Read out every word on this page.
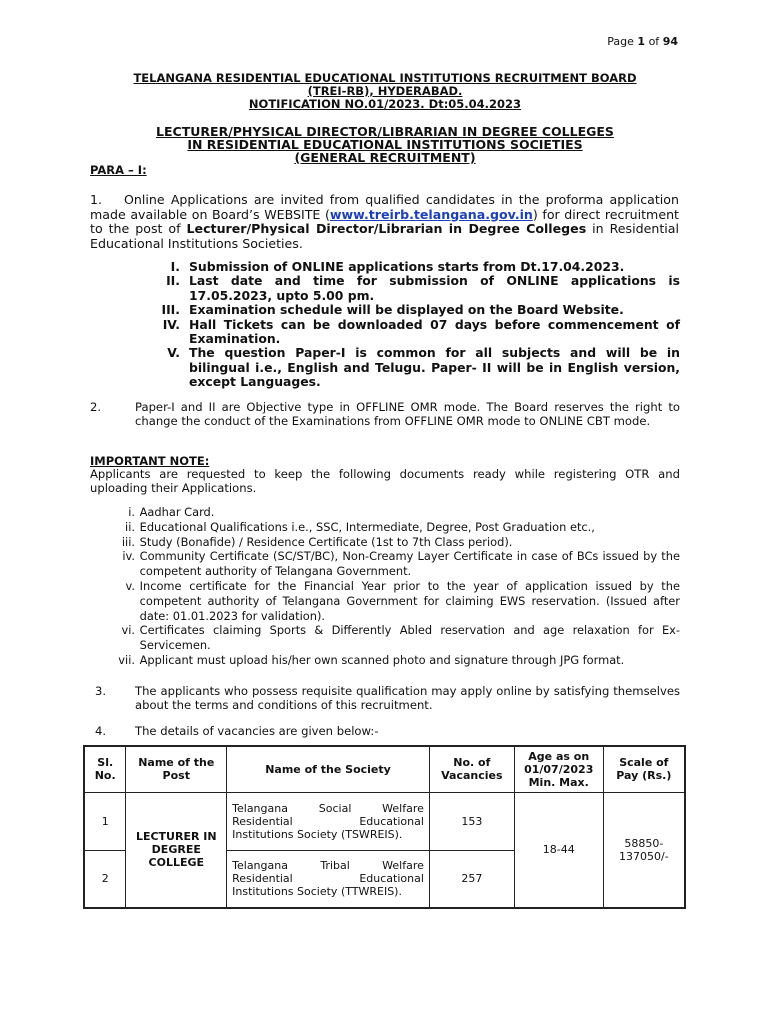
Page 1 of 94
TELANGANA RESIDENTIAL EDUCATIONAL INSTITUTIONS RECRUITMENT BOARD
(TREI-RB), HYDERABAD.
NOTIFICATION NO.01/2023. Dt:05.04.2023
LECTURER/PHYSICAL DIRECTOR/LIBRARIAN IN DEGREE COLLEGES
IN RESIDENTIAL EDUCATIONAL INSTITUTIONS SOCIETIES
(GENERAL RECRUITMENT)
PARA – I:
1. Online Applications are invited from qualified candidates in the proforma application made available on Board’s WEBSITE (www.treirb.telangana.gov.in) for direct recruitment to the post of Lecturer/Physical Director/Librarian in Degree Colleges in Residential Educational Institutions Societies.
I. Submission of ONLINE applications starts from Dt.17.04.2023.
II. Last date and time for submission of ONLINE applications is 17.05.2023, upto 5.00 pm.
III. Examination schedule will be displayed on the Board Website.
IV. Hall Tickets can be downloaded 07 days before commencement of Examination.
V. The question Paper-I is common for all subjects and will be in bilingual i.e., English and Telugu. Paper- II will be in English version, except Languages.
2.	Paper-I and II are Objective type in OFFLINE OMR mode. The Board reserves the right to change the conduct of the Examinations from OFFLINE OMR mode to ONLINE CBT mode.
IMPORTANT NOTE:
Applicants are requested to keep the following documents ready while registering OTR and uploading their Applications.
i.
Aadhar Card.
ii.
Educational Qualifications i.e., SSC, Intermediate, Degree, Post Graduation etc.,
iii.
Study (Bonafide) / Residence Certificate (1st to 7th Class period).
iv.
Community Certificate (SC/ST/BC), Non-Creamy Layer Certificate in case of BCs issued by the competent authority of Telangana Government.
v.
Income certificate for the Financial Year prior to the year of application issued by the competent authority of Telangana Government for claiming EWS reservation. (Issued after date: 01.01.2023 for validation).
vi.
Certificates claiming Sports & Differently Abled reservation and age relaxation for Ex-Servicemen.
vii.
Applicant must upload his/her own scanned photo and signature through JPG format.
3.	The applicants who possess requisite qualification may apply online by satisfying themselves about the terms and conditions of this recruitment.
4.	The details of vacancies are given below:-
Sl. No.	Name of the Post	Name of the Society	No. of Vacancies	Age as on 01/07/2023 Min. Max.	Scale of Pay (Rs.)
1	LECTURER IN DEGREE COLLEGE	Telangana Social Welfare Residential Educational Institutions Society (TSWREIS).	153	18-44	58850-137050/-
2		Telangana Tribal Welfare Residential Educational Institutions Society (TTWREIS).	257		
